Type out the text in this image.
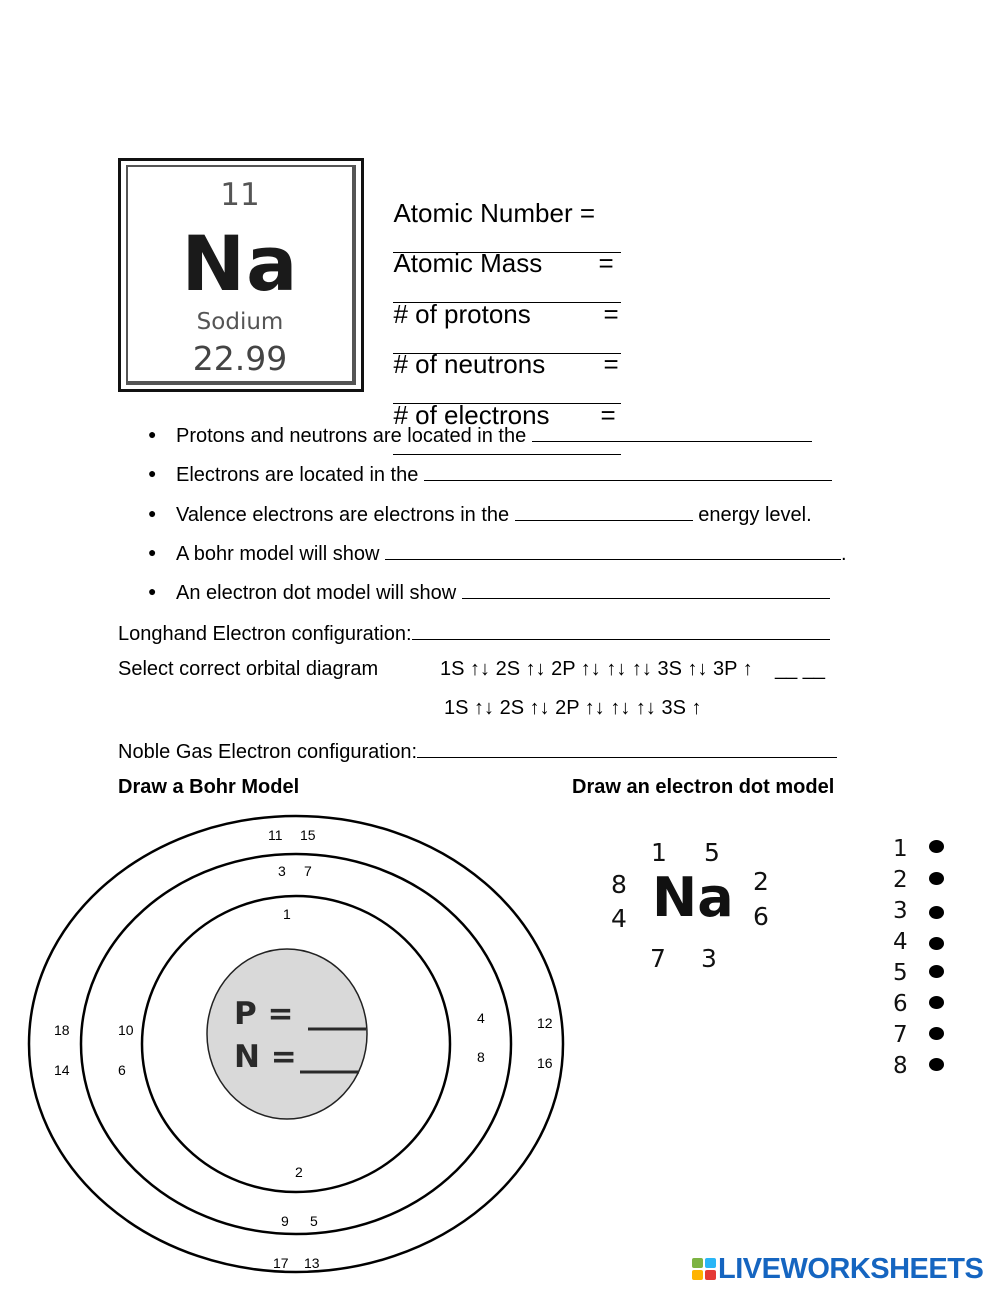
11
Na
Sodium
22.99

Atomic Number =

Atomic Mass =

# of protons	=

# of neutrons =

# of electrons =

● Protons and neutrons are located in the
● Electrons are located in the
● Valence electrons are electrons in the	energy level.
● A bohr model will show	.
● An electron dot model will show
Longhand Electron configuration:
Select correct orbital diagram	1S ↑↓ 2S ↑↓ 2P ↑↓ ↑↓ ↑↓ 3S ↑↓ 3P ↑ __ __
1S ↑↓ 2S ↑↓ 2P ↑↓ ↑↓ ↑↓ 3S ↑
Noble Gas Electron configuration:
Draw a Bohr Model	Draw an electron dot model
11 15
3 7
1
18
14
10
6
4
8
12
16
2
9 5
17 13
P =
N =
1 5
8
4
2
6
7 3
Na
1
2
3
4
5
6
7
8
LIVEWORKSHEETS
